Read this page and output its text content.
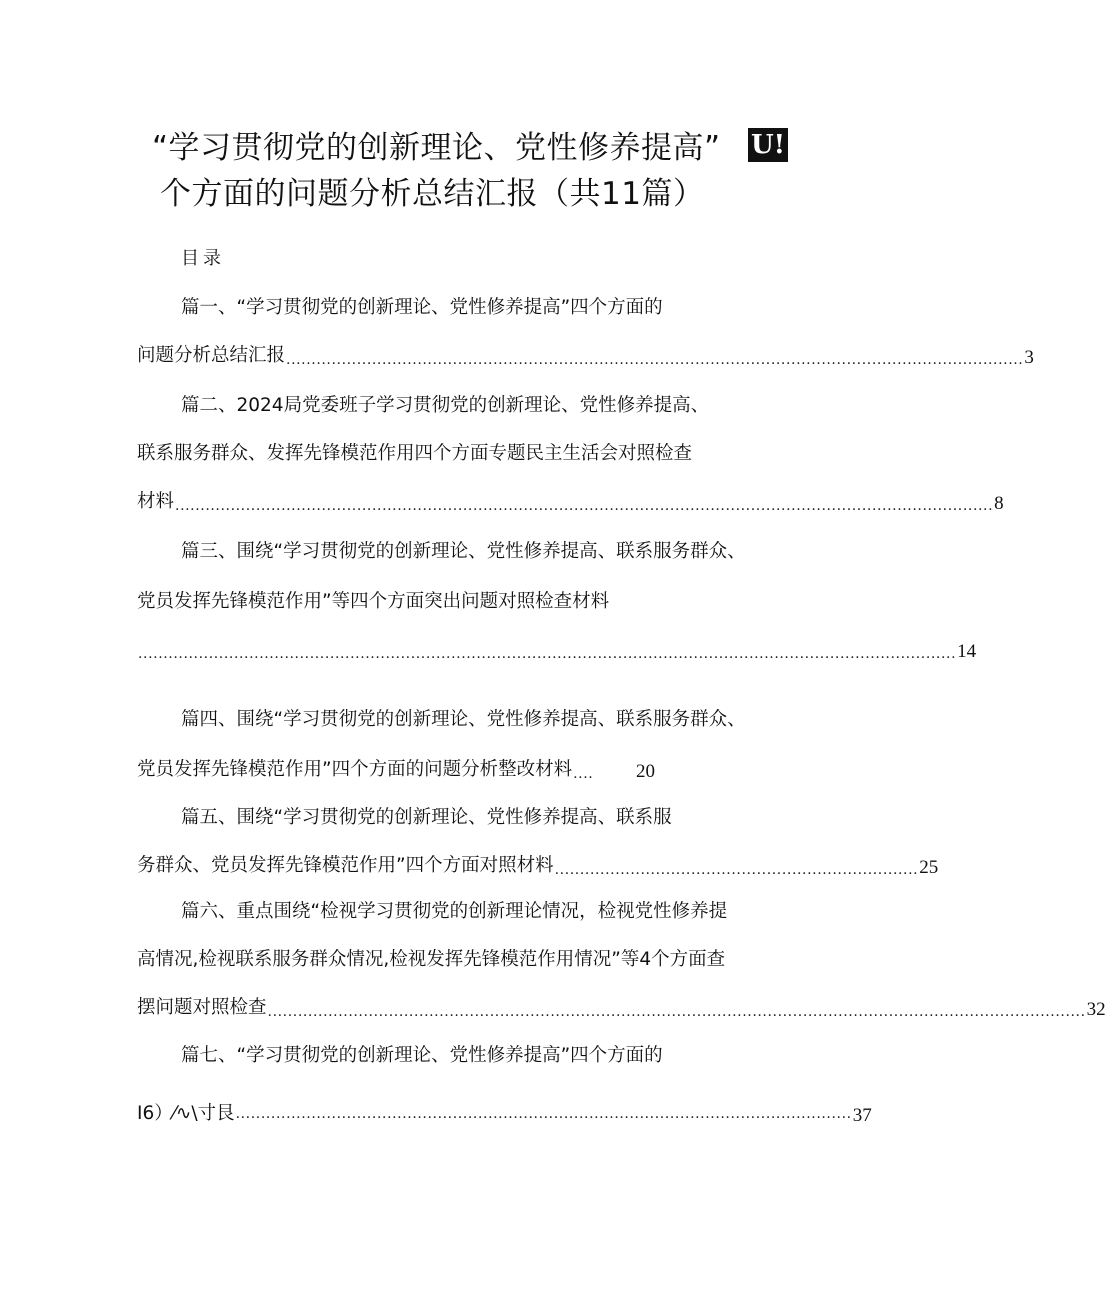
“学习贯彻党的创新理论、党性修养提高”	U!
个方面的问题分析总结汇报（共11篇）
目录
篇一、“学习贯彻党的创新理论、党性修养提高”四个方面的
问题分析总结汇报 .................................................................................................................................................. 3
篇二、2024局党委班子学习贯彻党的创新理论、党性修养提高、
联系服务群众、发挥先锋模范作用四个方面专题民主生活会对照检查
材料 .................................................................................................................................................................. 8
篇三、围绕“学习贯彻党的创新理论、党性修养提高、联系服务群众、
党员发挥先锋模范作用”等四个方面突出问题对照检查材料
.................................................................................................................................................................. 14
篇四、围绕“学习贯彻党的创新理论、党性修养提高、联系服务群众、
党员发挥先锋模范作用”四个方面的问题分析整改材料 ....	20
篇五、围绕“学习贯彻党的创新理论、党性修养提高、联系服
务群众、党员发挥先锋模范作用”四个方面对照材料 ........................................................................ 25
篇六、重点围绕“检视学习贯彻党的创新理论情况，检视党性修养提
高情况,检视联系服务群众情况,检视发挥先锋模范作用情况”等4个方面查
摆问题对照检查 .................................................................................................................................................................. 32
篇七、“学习贯彻党的创新理论、党性修养提高”四个方面的
I6）⁄∿\寸艮 ·························································································································· 37
